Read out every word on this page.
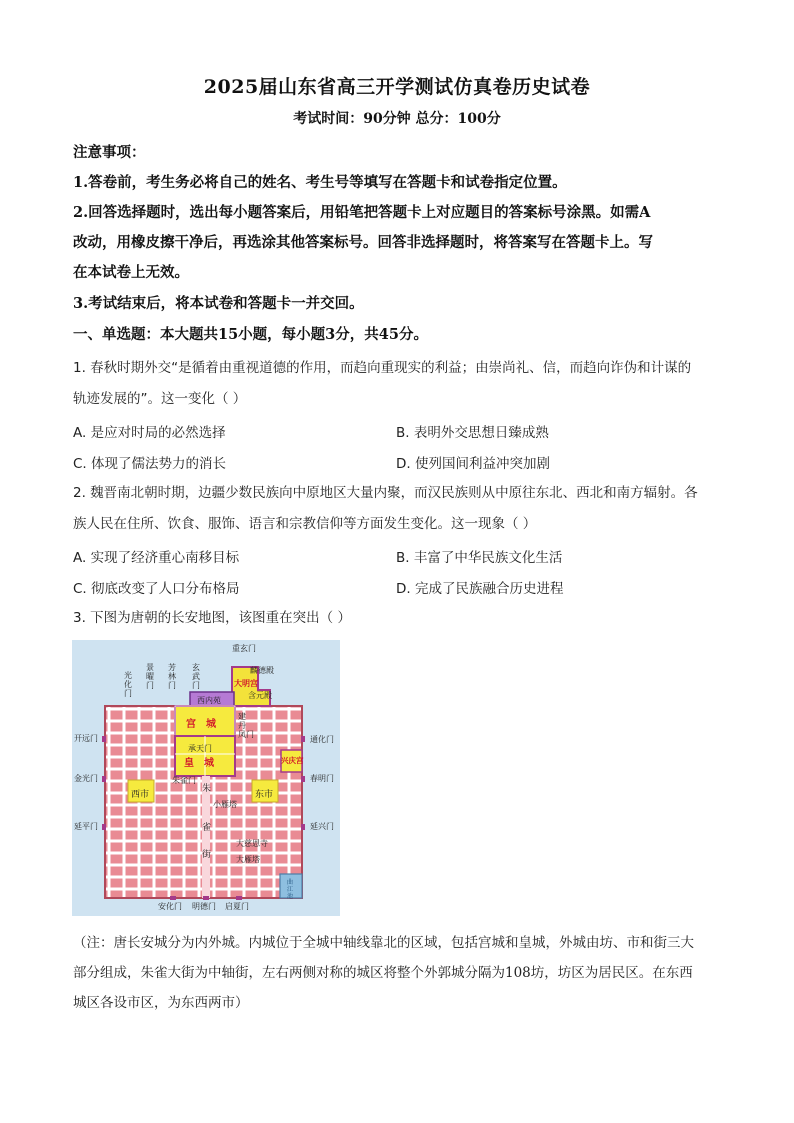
2025届山东省高三开学测试仿真卷历史试卷
考试时间：90分钟 总分：100分
注意事项：
1.答卷前，考生务必将自己的姓名、考生号等填写在答题卡和试卷指定位置。
2.回答选择题时，选出每小题答案后，用铅笔把答题卡上对应题目的答案标号涂黑。如需A
改动，用橡皮擦干净后，再选涂其他答案标号。回答非选择题时，将答案写在答题卡上。写
在本试卷上无效。
3.考试结束后，将本试卷和答题卡一并交回。
一、单选题：本大题共15小题，每小题3分，共45分。
1. 春秋时期外交“是循着由重视道德的作用，而趋向重现实的利益；由崇尚礼、信，而趋向诈伪和计谋的
轨迹发展的”。这一变化（ ）
A. 是应对时局的必然选择	B. 表明外交思想日臻成熟
C. 体现了儒法势力的消长	D. 使列国间利益冲突加剧
2. 魏晋南北朝时期，边疆少数民族向中原地区大量内聚，而汉民族则从中原往东北、西北和南方辐射。各
族人民在住所、饮食、服饰、语言和宗教信仰等方面发生变化。这一现象（ ）
A. 实现了经济重心南移目标	B. 丰富了中华民族文化生活
C. 彻底改变了人口分布格局	D. 完成了民族融合历史进程
3. 下图为唐朝的长安地图，该图重在突出（ ）
重玄门
麟德殿
大明宫
含元殿
西内苑
光化门
景曜门
芳林门
玄武门
宫城
承天门
皇城
朱雀门
建丹凤门
兴庆宫
开远门
金光门
延平门
通化门
春明门
延兴门
西市	东市
朱雀街
小雁塔
大慈恩寺
大雁塔
安化门 明德门 启夏门
曲江池
（注：唐长安城分为内外城。内城位于全城中轴线靠北的区域，包括宫城和皇城，外城由坊、市和街三大
部分组成，朱雀大街为中轴街，左右两侧对称的城区将整个外郭城分隔为108坊，坊区为居民区。在东西
城区各设市区，为东西两市）
